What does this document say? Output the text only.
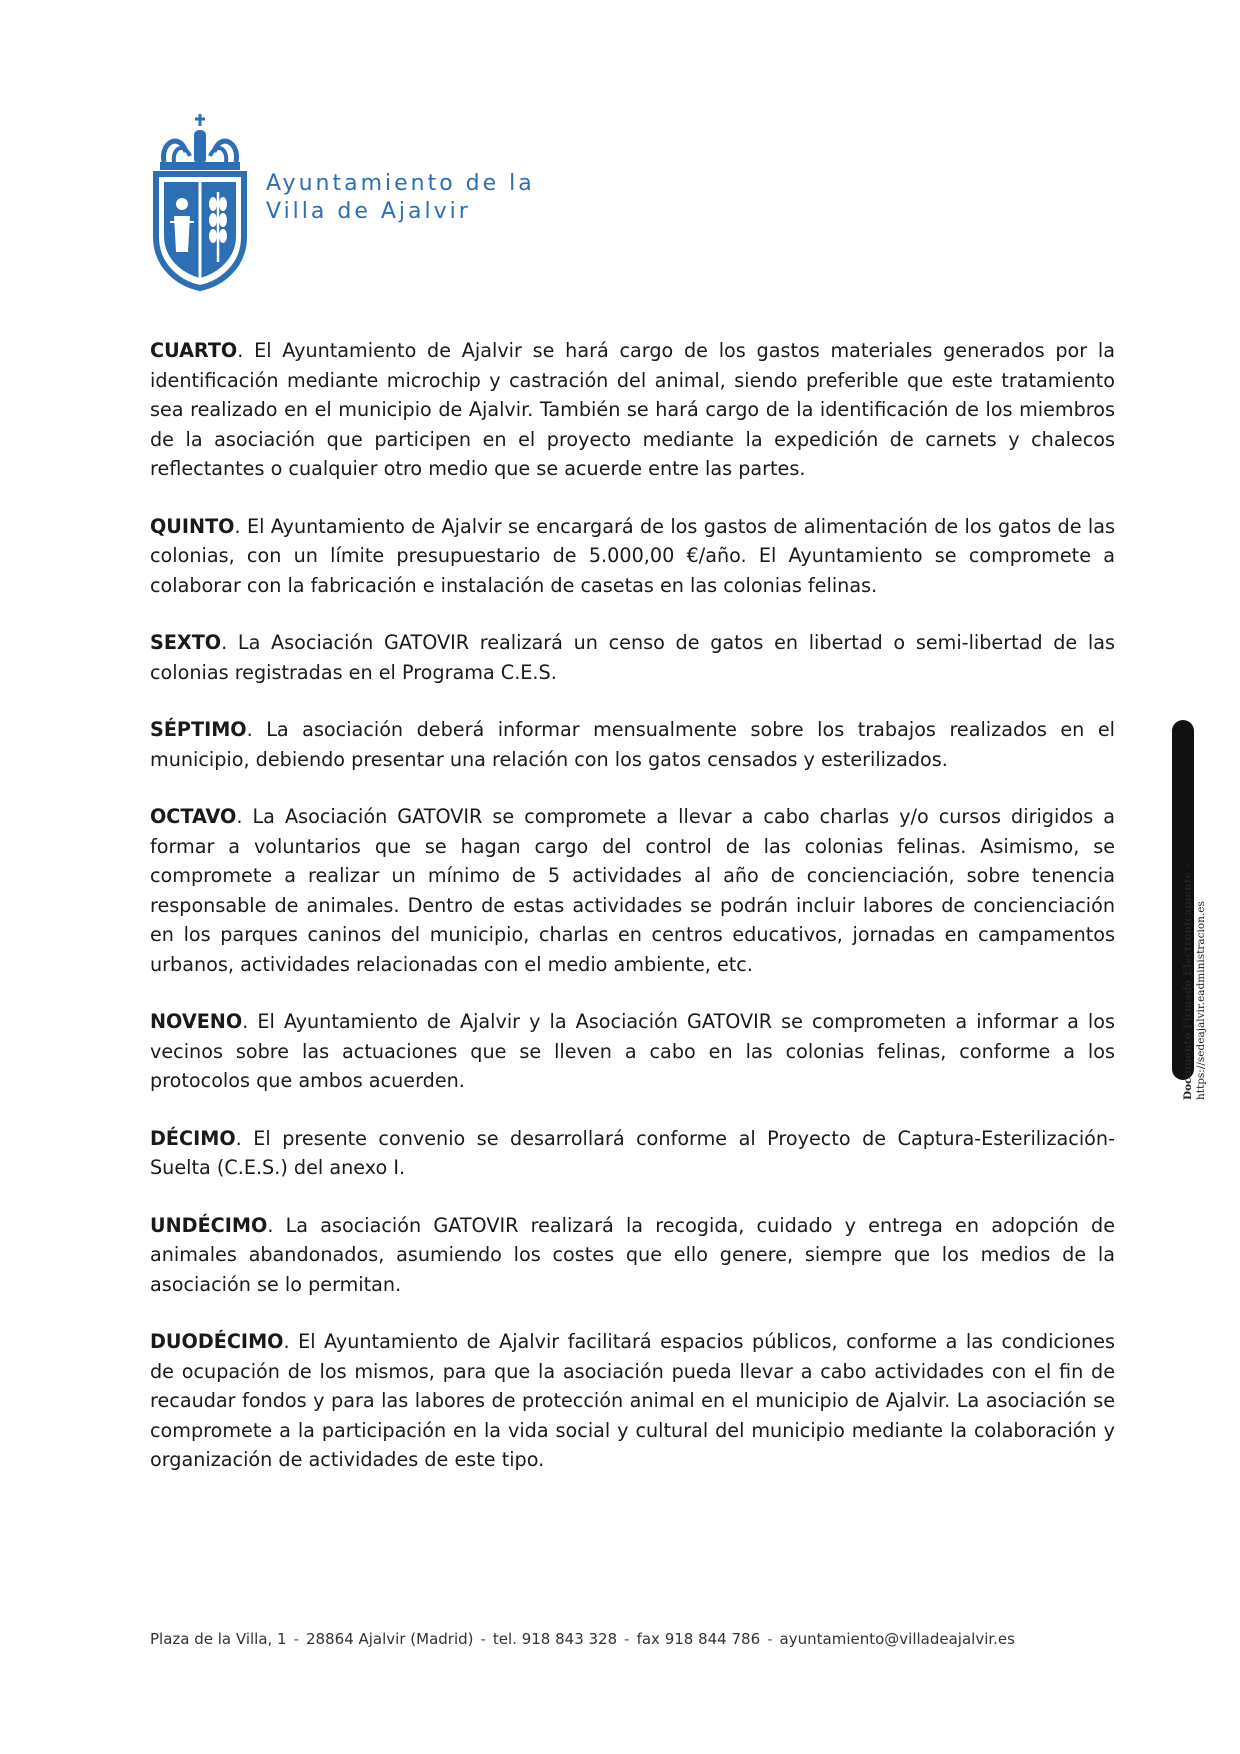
Ayuntamiento de la
Villa de Ajalvir

CUARTO. El Ayuntamiento de Ajalvir se hará cargo de los gastos materiales generados por la identificación mediante microchip y castración del animal, siendo preferible que este tratamiento sea realizado en el municipio de Ajalvir. También se hará cargo de la identificación de los miembros de la asociación que participen en el proyecto mediante la expedición de carnets y chalecos reflectantes o cualquier otro medio que se acuerde entre las partes.

QUINTO. El Ayuntamiento de Ajalvir se encargará de los gastos de alimentación de los gatos de las colonias, con un límite presupuestario de 5.000,00 €/año. El Ayuntamiento se compromete a colaborar con la fabricación e instalación de casetas en las colonias felinas.

SEXTO. La Asociación GATOVIR realizará un censo de gatos en libertad o semi-libertad de las colonias registradas en el Programa C.E.S.

SÉPTIMO. La asociación deberá informar mensualmente sobre los trabajos realizados en el municipio, debiendo presentar una relación con los gatos censados y esterilizados.

OCTAVO. La Asociación GATOVIR se compromete a llevar a cabo charlas y/o cursos dirigidos a formar a voluntarios que se hagan cargo del control de las colonias felinas. Asimismo, se compromete a realizar un mínimo de 5 actividades al año de concienciación, sobre tenencia responsable de animales. Dentro de estas actividades se podrán incluir labores de concienciación en los parques caninos del municipio, charlas en centros educativos, jornadas en campamentos urbanos, actividades relacionadas con el medio ambiente, etc.

NOVENO. El Ayuntamiento de Ajalvir y la Asociación GATOVIR se comprometen a informar a los vecinos sobre las actuaciones que se lleven a cabo en las colonias felinas, conforme a los protocolos que ambos acuerden.

DÉCIMO. El presente convenio se desarrollará conforme al Proyecto de Captura-Esterilización-Suelta (C.E.S.) del anexo I.

UNDÉCIMO. La asociación GATOVIR realizará la recogida, cuidado y entrega en adopción de animales abandonados, asumiendo los costes que ello genere, siempre que los medios de la asociación se lo permitan.

DUODÉCIMO. El Ayuntamiento de Ajalvir facilitará espacios públicos, conforme a las condiciones de ocupación de los mismos, para que la asociación pueda llevar a cabo actividades con el fin de recaudar fondos y para las labores de protección animal en el municipio de Ajalvir. La asociación se compromete a la participación en la vida social y cultural del municipio mediante la colaboración y organización de actividades de este tipo.

Documento Firmado Electrónicamente - https://sedeajalvir.eadministracion.es
Plaza de la Villa, 1 - 28864 Ajalvir (Madrid) - tel. 918 843 328 - fax 918 844 786 - ayuntamiento@villadeajalvir.es
